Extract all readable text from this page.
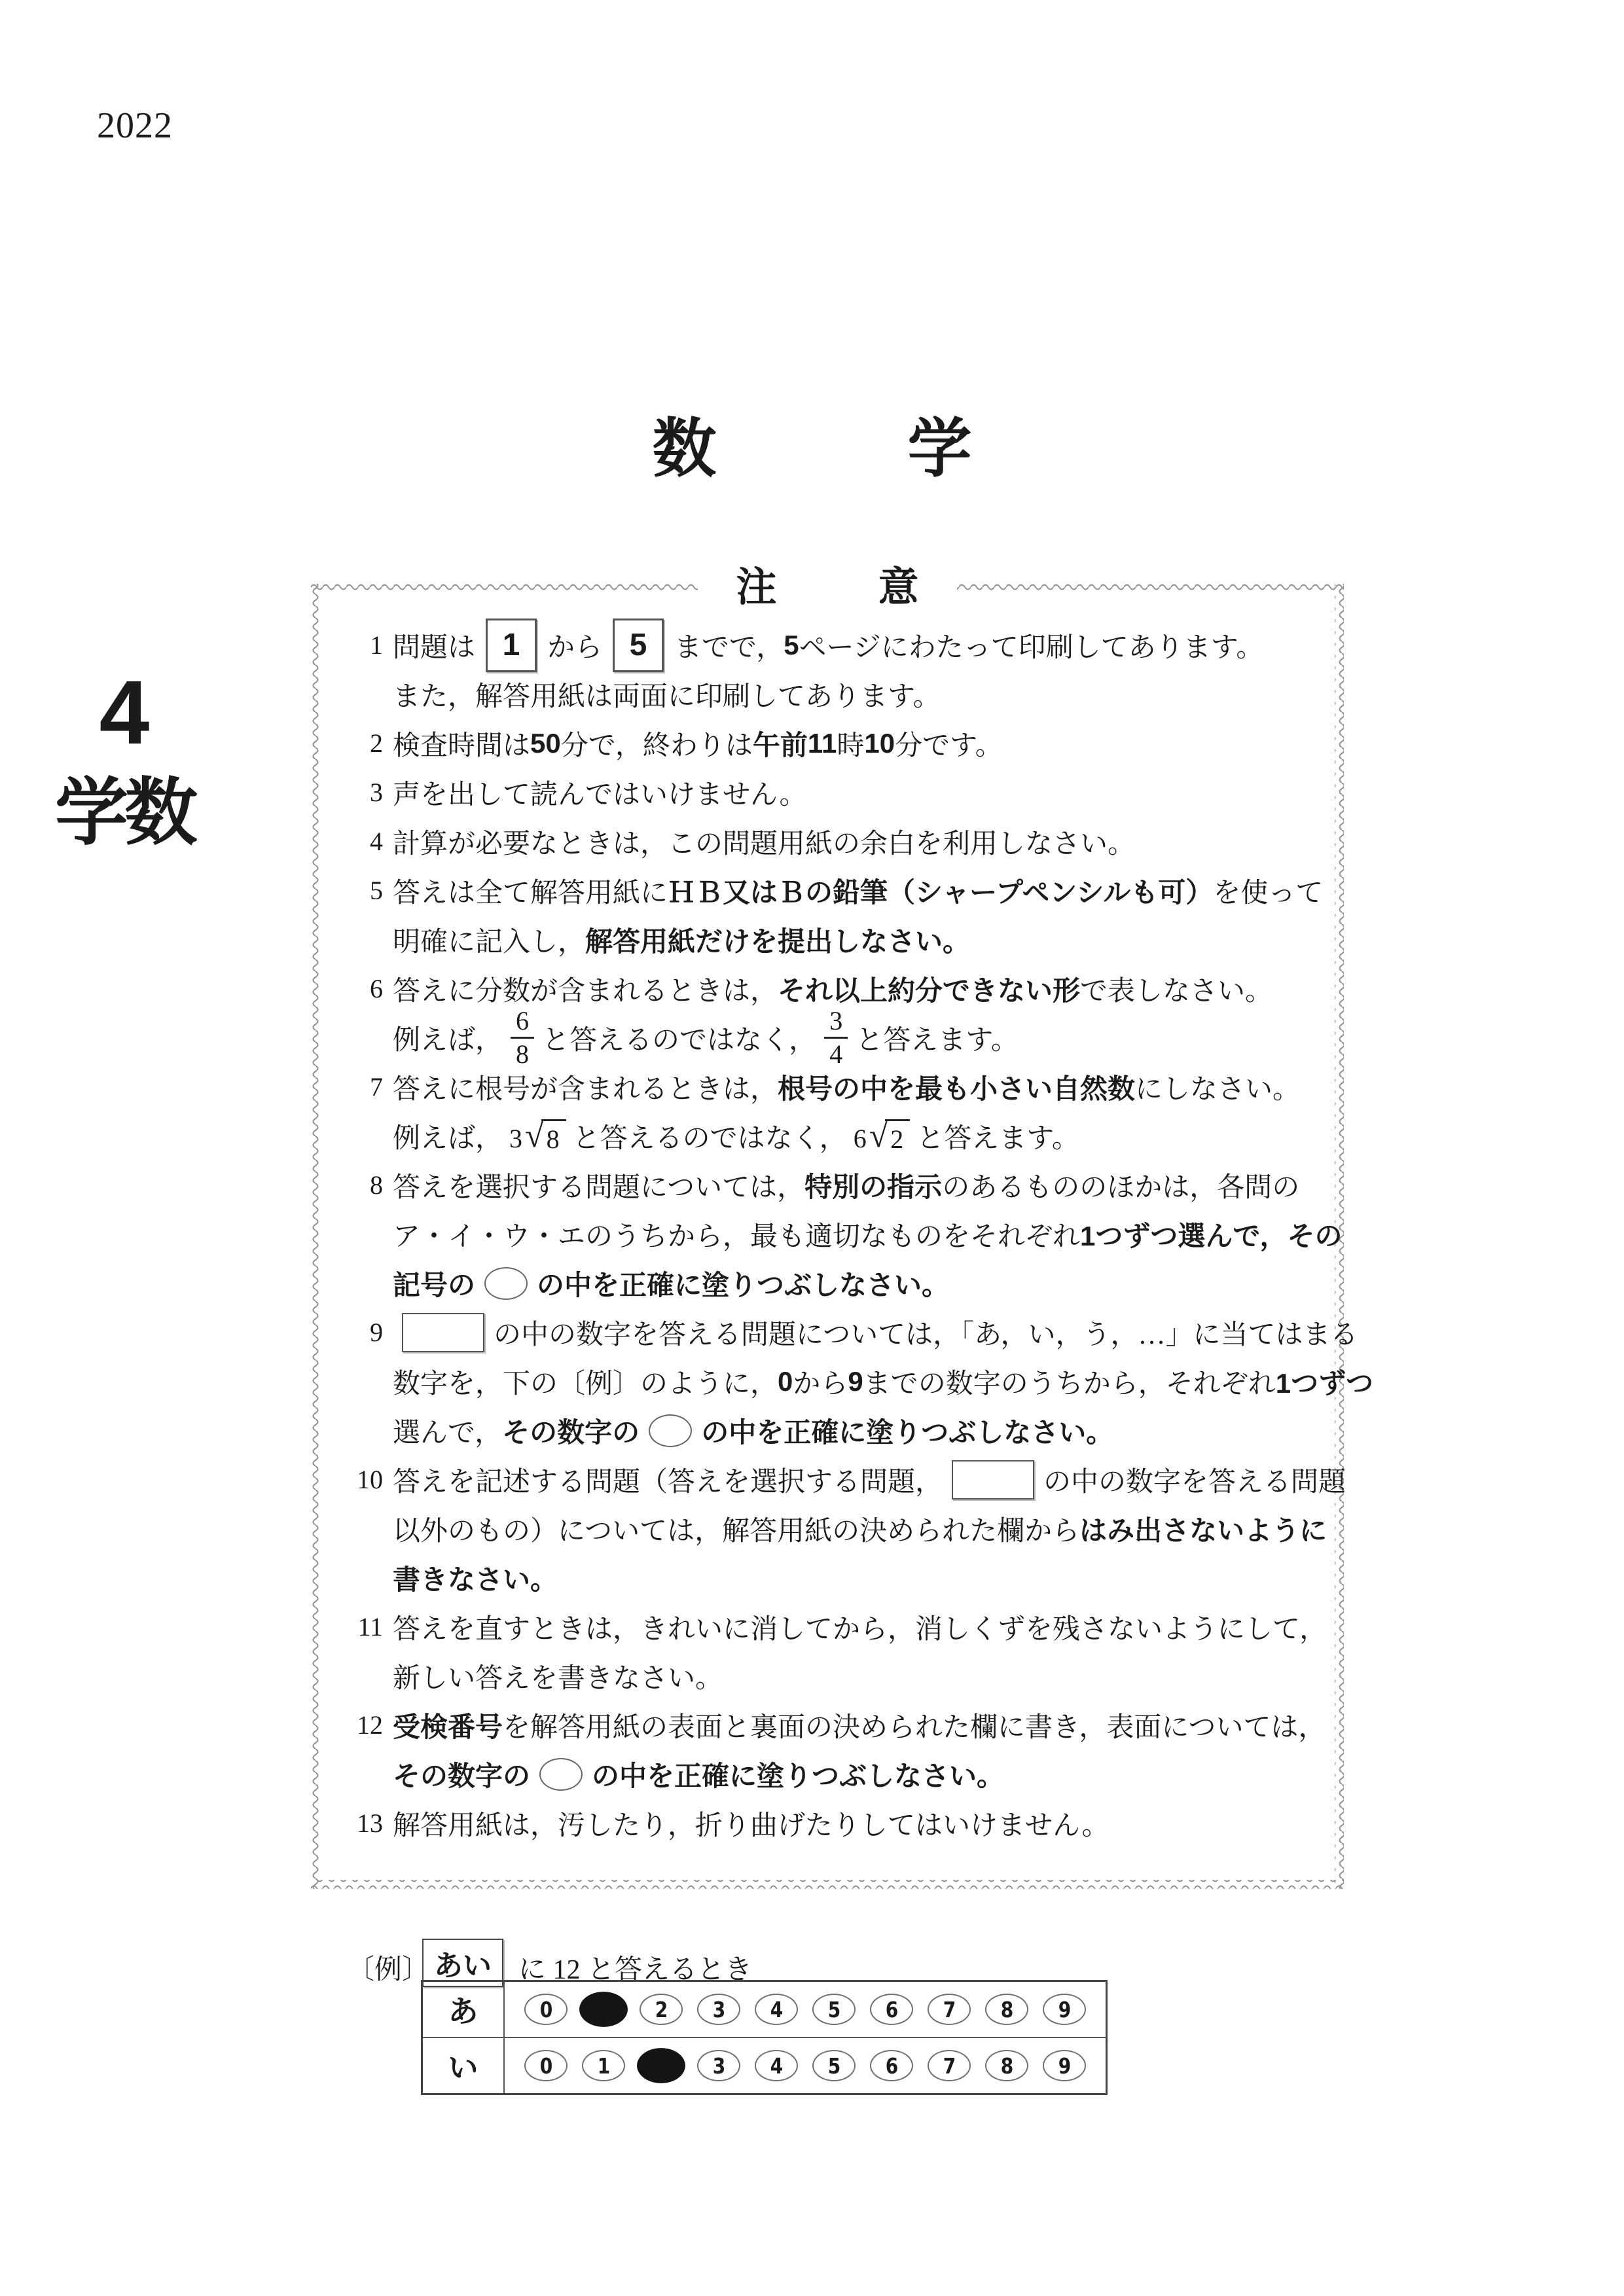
2022
数	学
4
学数
注	意
1 問題は 1 から 5 までで， 5 ページにわたって印刷してあります。
また，解答用紙は両面に印刷してあります。
2 検査時間は 50 分で，終わりは 午前 11 時 10 分です。
3 声を出して読んではいけません。
4 計算が必要なときは，この問題用紙の余白を利用しなさい。
5 答えは全て解答用紙に ＨＢ又はＢの鉛筆（シャープペンシルも可） を使って
明確に記入し， 解答用紙だけを提出しなさい。
6 答えに分数が含まれるときは， それ以上約分できない形 で表しなさい。
例えば， $\frac{6}{8}$ と答えるのではなく， $\frac{3}{4}$ と答えます。
7 答えに根号が含まれるときは， 根号の中を最も小さい自然数 にしなさい。
例えば， 3 √ 8 と答えるのではなく， 6 √ 2 と答えます。
8 答えを選択する問題については， 特別の指示 のあるもののほかは，各問の
ア・イ・ウ・エのうちから，最も適切なものをそれぞれ 1つずつ選んで，その
記号の の中を正確に塗りつぶしなさい。
9	の中の数字を答える問題については，「あ，い，う，…」に当てはまる
数字を，下の〔例〕のように， 0 から 9 までの数字のうちから，それぞれ 1つずつ
選んで， その数字の の中を正確に塗りつぶしなさい。
10 答えを記述する問題（答えを選択する問題，	の中の数字を答える問題
以外のもの）については，解答用紙の決められた欄から はみ出さないように
書きなさい。
11 答えを直すときは，きれいに消してから，消しくずを残さないようにして，
新しい答えを書きなさい。
12 受検番号 を解答用紙の表面と裏面の決められた欄に書き，表面については，
その数字の の中を正確に塗りつぶしなさい。
13 解答用紙は，汚したり，折り曲げたりしてはいけません。
〔例〕 あい に 12 と答えるとき
あ	0	2 3 4 5 6 7 8 9
い	0 1	3 4 5 6 7 8 9
